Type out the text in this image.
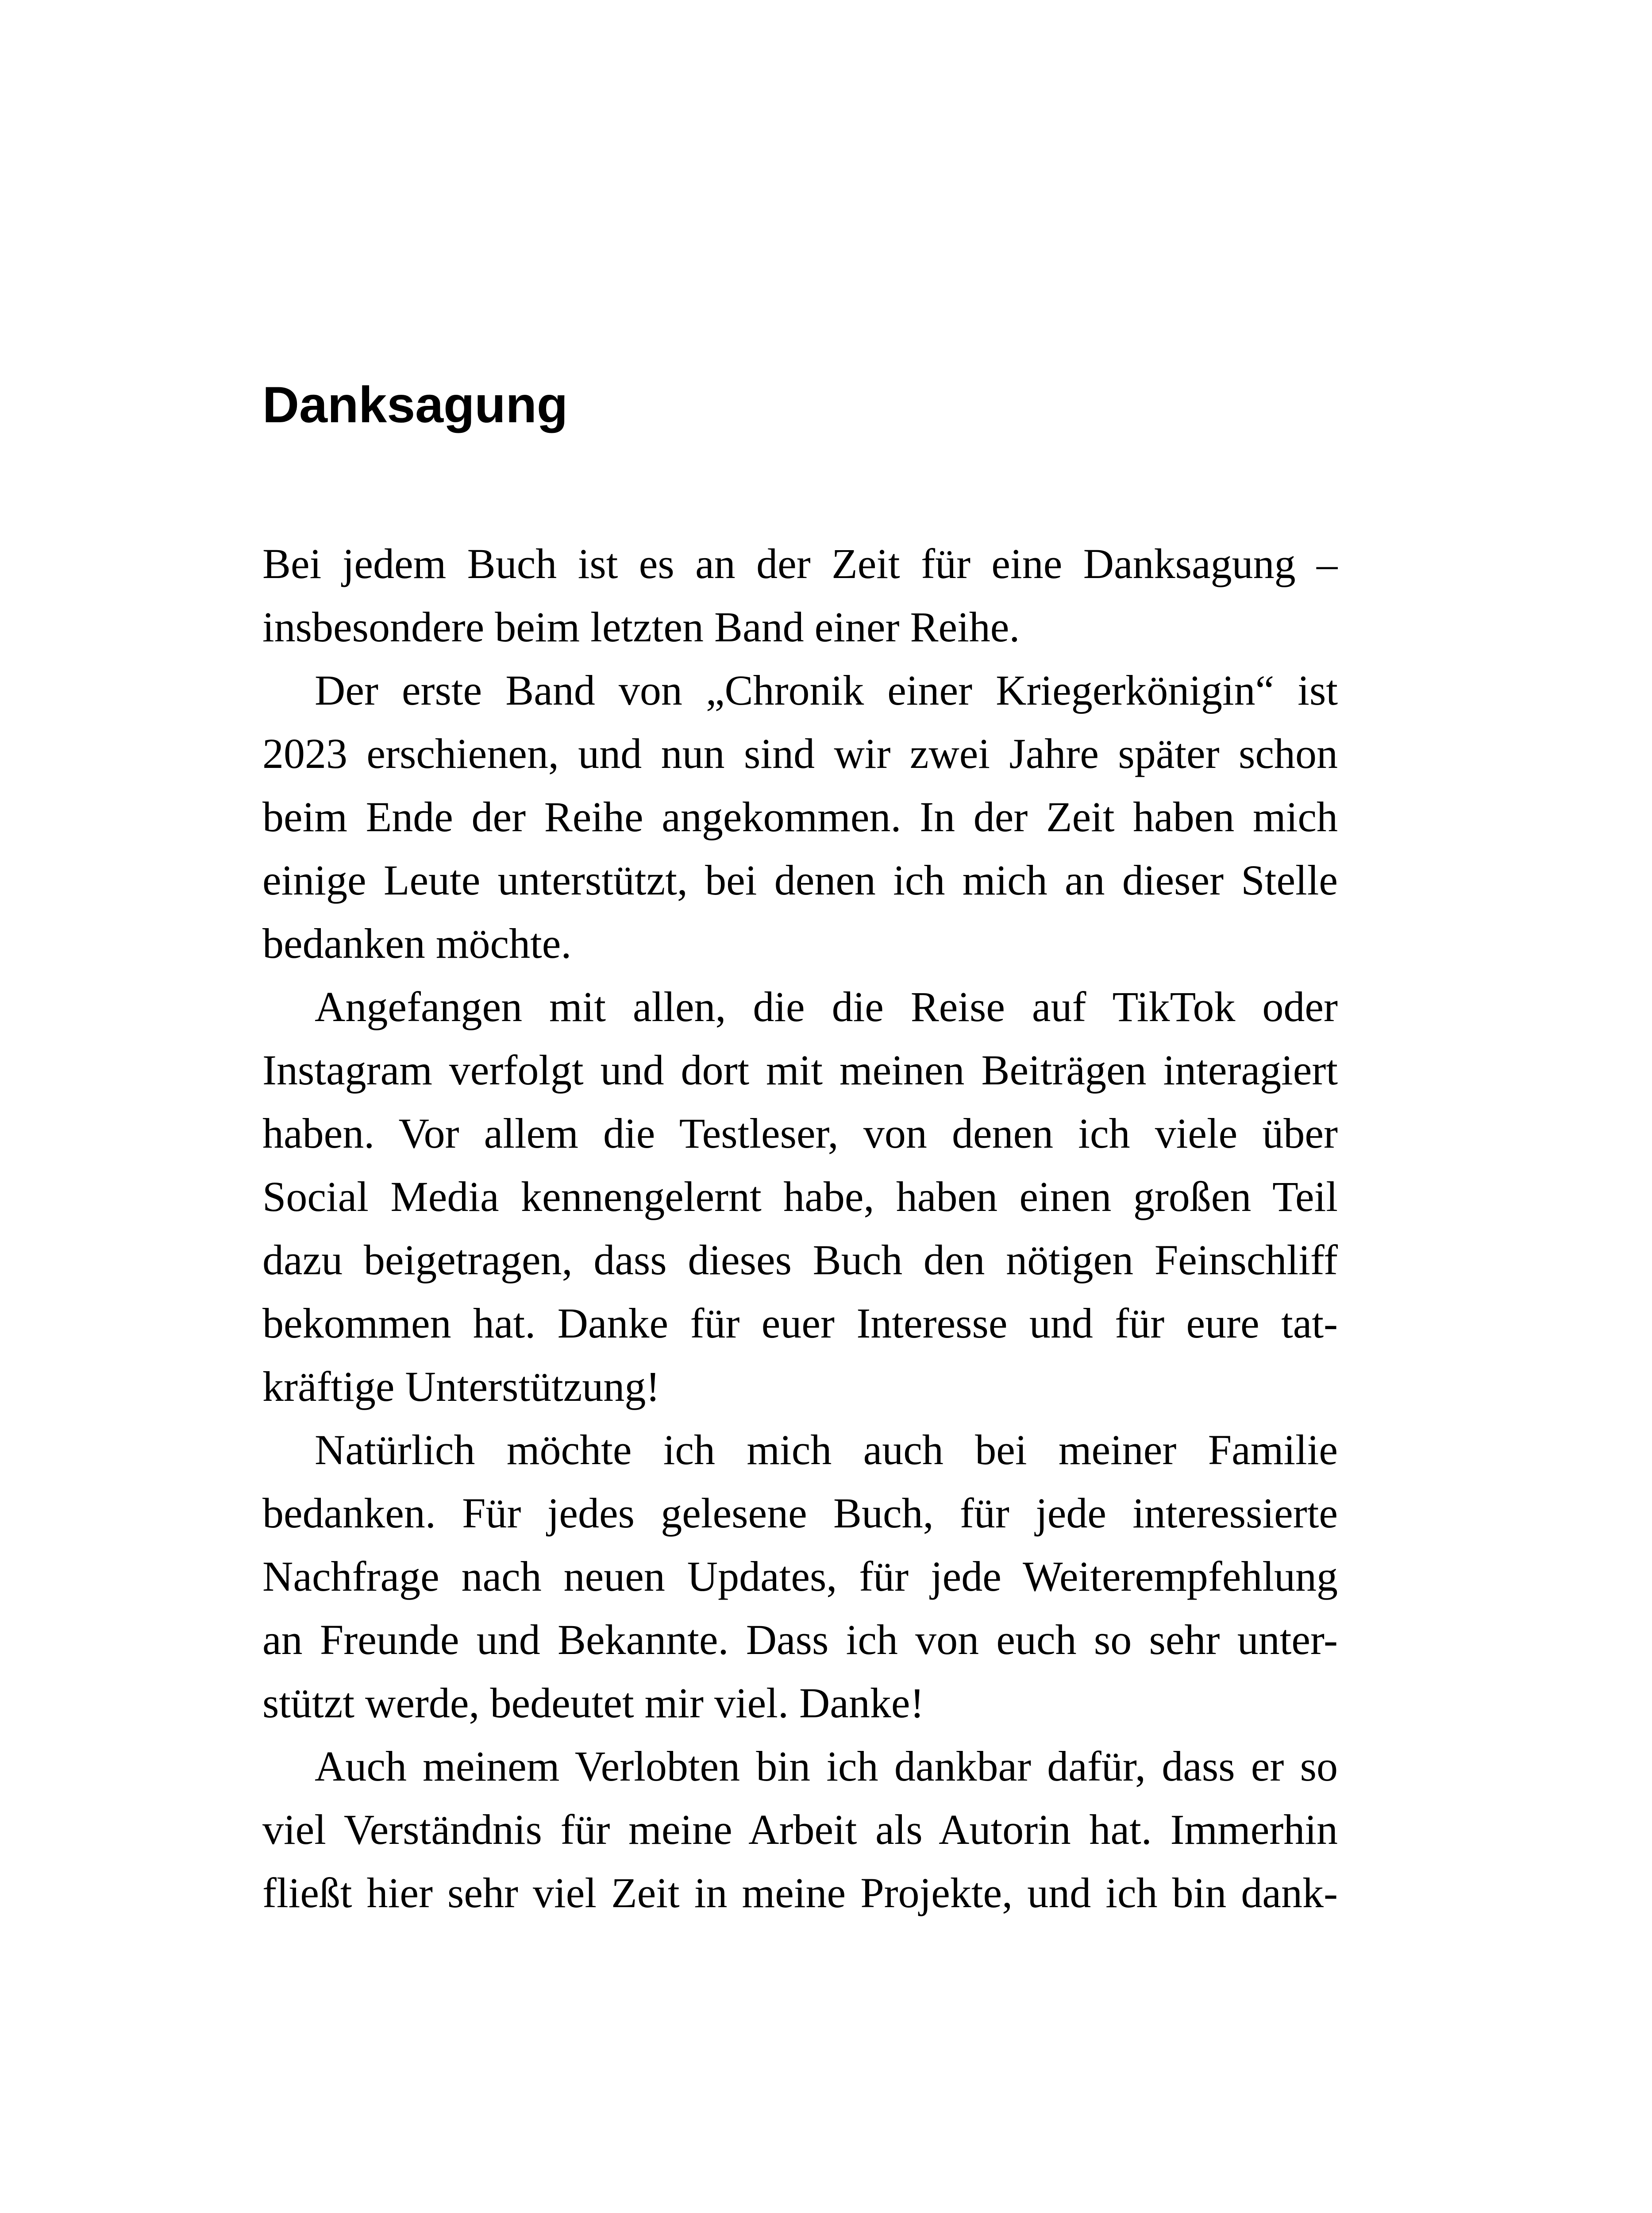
Danksagung
Bei jedem Buch ist es an der Zeit für eine Danksagung –
insbesondere beim letzten Band einer Reihe.
Der erste Band von „Chronik einer Kriegerkönigin“ ist
2023 erschienen, und nun sind wir zwei Jahre später schon
beim Ende der Reihe angekommen. In der Zeit haben mich
einige Leute unterstützt, bei denen ich mich an dieser Stelle
bedanken möchte.
Angefangen mit allen, die die Reise auf TikTok oder
Instagram verfolgt und dort mit meinen Beiträgen interagiert
haben. Vor allem die Testleser, von denen ich viele über
Social Media kennengelernt habe, haben einen großen Teil
dazu beigetragen, dass dieses Buch den nötigen Feinschliff
bekommen hat. Danke für euer Interesse und für eure tat-
kräftige Unterstützung!
Natürlich möchte ich mich auch bei meiner Familie
bedanken. Für jedes gelesene Buch, für jede interessierte
Nachfrage nach neuen Updates, für jede Weiterempfehlung
an Freunde und Bekannte. Dass ich von euch so sehr unter-
stützt werde, bedeutet mir viel. Danke!
Auch meinem Verlobten bin ich dankbar dafür, dass er so
viel Verständnis für meine Arbeit als Autorin hat. Immerhin
fließt hier sehr viel Zeit in meine Projekte, und ich bin dank-
